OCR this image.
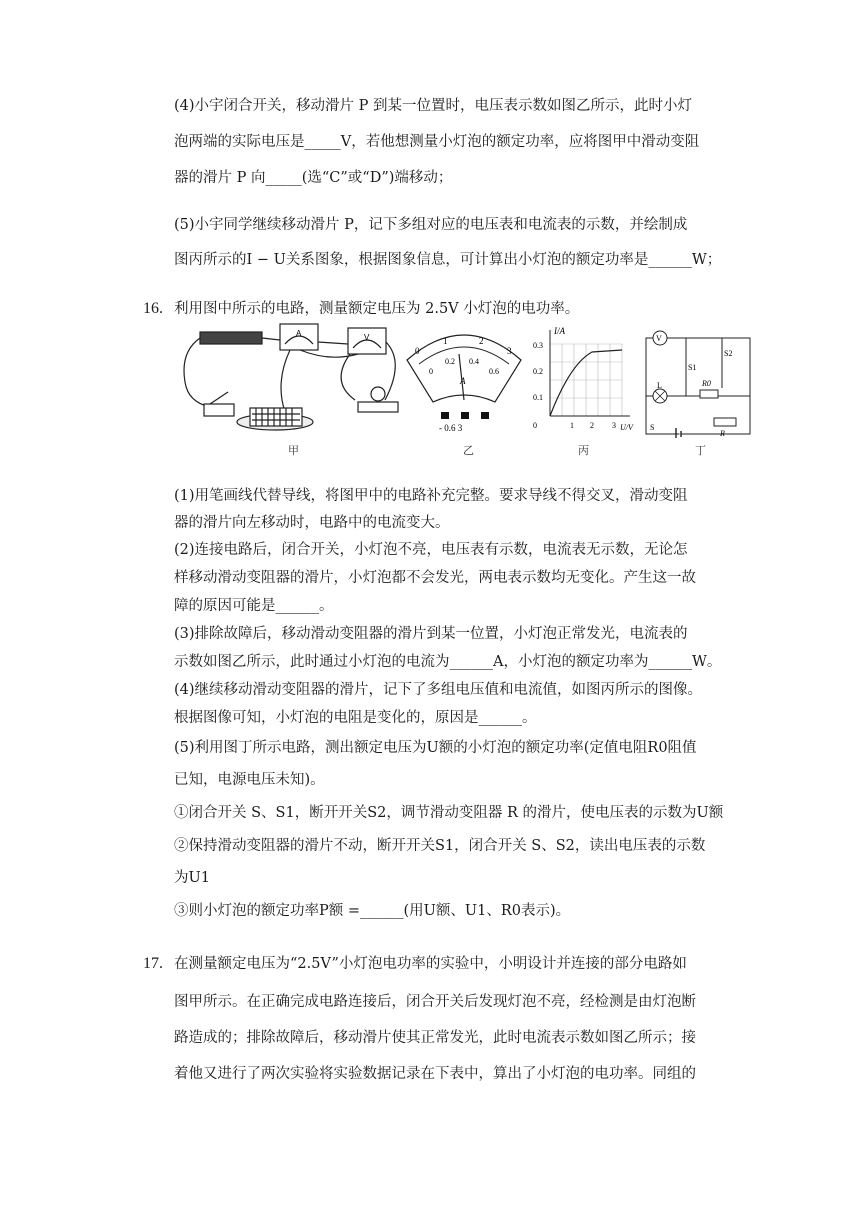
(4)小宇闭合开关，移动滑片 P 到某一位置时，电压表示数如图乙所示，此时小灯
泡两端的实际电压是_____V，若他想测量小灯泡的额定功率，应将图甲中滑动变阻
器的滑片 P 向_____(选“C”或“D”)端移动；
(5)小宇同学继续移动滑片 P，记下多组对应的电压表和电流表的示数，并绘制成
图丙所示的I − U关系图象，根据图象信息，可计算出小灯泡的额定功率是______W；
16. 利用图中所示的电路，测量额定电压为 2.5V 小灯泡的电功率。
A	V
0
1	2
3
0
0.2 0.4
0.6
A
- 0.6 3
I/A
0.3
0.2
0.1
0	1 2 3 U/V
V
L
S1
S2
R0
S
R
甲	乙	丙	丁
(1)用笔画线代替导线，将图甲中的电路补充完整。要求导线不得交叉，滑动变阻
器的滑片向左移动时，电路中的电流变大。
(2)连接电路后，闭合开关，小灯泡不亮，电压表有示数，电流表无示数，无论怎
样移动滑动变阻器的滑片，小灯泡都不会发光，两电表示数均无变化。产生这一故
障的原因可能是______。
(3)排除故障后，移动滑动变阻器的滑片到某一位置，小灯泡正常发光，电流表的
示数如图乙所示，此时通过小灯泡的电流为______A，小灯泡的额定功率为______W。
(4)继续移动滑动变阻器的滑片，记下了多组电压值和电流值，如图丙所示的图像。
根据图像可知，小灯泡的电阻是变化的，原因是______。
(5)利用图丁所示电路，测出额定电压为U额的小灯泡的额定功率(定值电阻R0阻值
已知，电源电压未知)。
①闭合开关 S、S1，断开开关S2，调节滑动变阻器 R 的滑片，使电压表的示数为U额
②保持滑动变阻器的滑片不动，断开开关S1，闭合开关 S、S2，读出电压表的示数
为U1
③则小灯泡的额定功率P额 =______(用U额、U1、R0表示)。
17. 在测量额定电压为“2.5V”小灯泡电功率的实验中，小明设计并连接的部分电路如
图甲所示。在正确完成电路连接后，闭合开关后发现灯泡不亮，经检测是由灯泡断
路造成的；排除故障后，移动滑片使其正常发光，此时电流表示数如图乙所示；接
着他又进行了两次实验将实验数据记录在下表中，算出了小灯泡的电功率。同组的
